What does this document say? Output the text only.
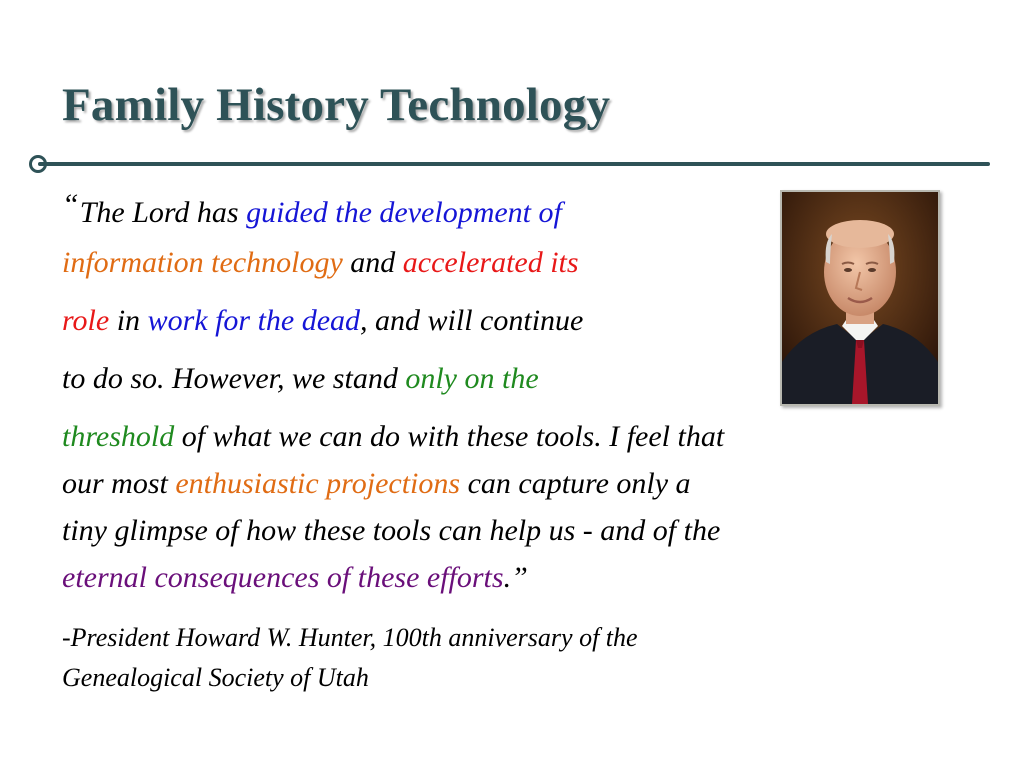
Family History Technology
“The Lord has guided the development of
information technology and accelerated its
role in work for the dead, and will continue
to do so. However, we stand only on the
threshold of what we can do with these tools. I feel that
our most enthusiastic projections can capture only a
tiny glimpse of how these tools can help us - and of the
eternal consequences of these efforts.”
-President Howard W. Hunter, 100th anniversary of the
Genealogical Society of Utah
